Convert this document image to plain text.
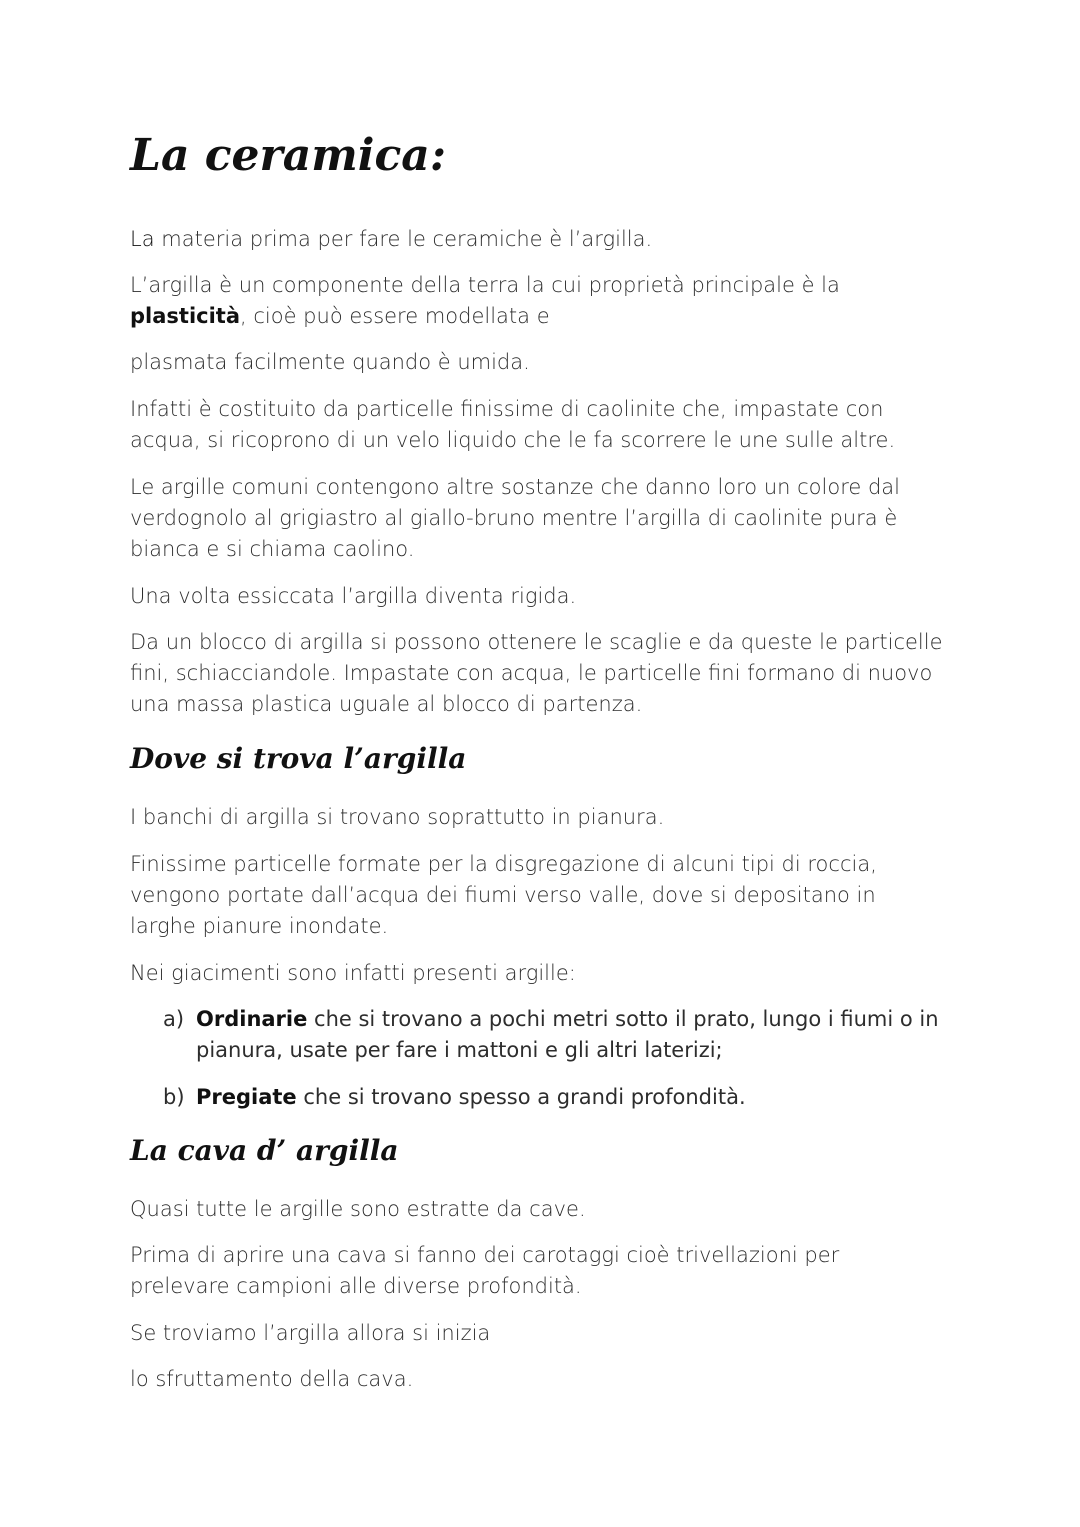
La ceramica:

La materia prima per fare le ceramiche è l’argilla.

L’argilla è un componente della terra la cui proprietà principale è la plasticità, cioè può essere modellata e

plasmata facilmente quando è umida.

Infatti è costituito da particelle finissime di caolinite che, impastate con acqua, si ricoprono di un velo liquido che le fa scorrere le une sulle altre.

Le argille comuni contengono altre sostanze che danno loro un colore dal verdognolo al grigiastro al giallo-bruno mentre l’argilla di caolinite pura è bianca e si chiama caolino.

Una volta essiccata l’argilla diventa rigida.

Da un blocco di argilla si possono ottenere le scaglie e da queste le particelle fini, schiacciandole. Impastate con acqua, le particelle fini formano di nuovo una massa plastica uguale al blocco di partenza.

Dove si trova l’argilla

I banchi di argilla si trovano soprattutto in pianura.

Finissime particelle formate per la disgregazione di alcuni tipi di roccia, vengono portate dall’acqua dei fiumi verso valle, dove si depositano in larghe pianure inondate.

Nei giacimenti sono infatti presenti argille:

a) Ordinarie che si trovano a pochi metri sotto il prato, lungo i fiumi o in pianura, usate per fare i mattoni e gli altri laterizi;

b) Pregiate che si trovano spesso a grandi profondità.

La cava d’ argilla

Quasi tutte le argille sono estratte da cave.

Prima di aprire una cava si fanno dei carotaggi cioè trivellazioni per prelevare campioni alle diverse profondità.

Se troviamo l’argilla allora si inizia

lo sfruttamento della cava.
